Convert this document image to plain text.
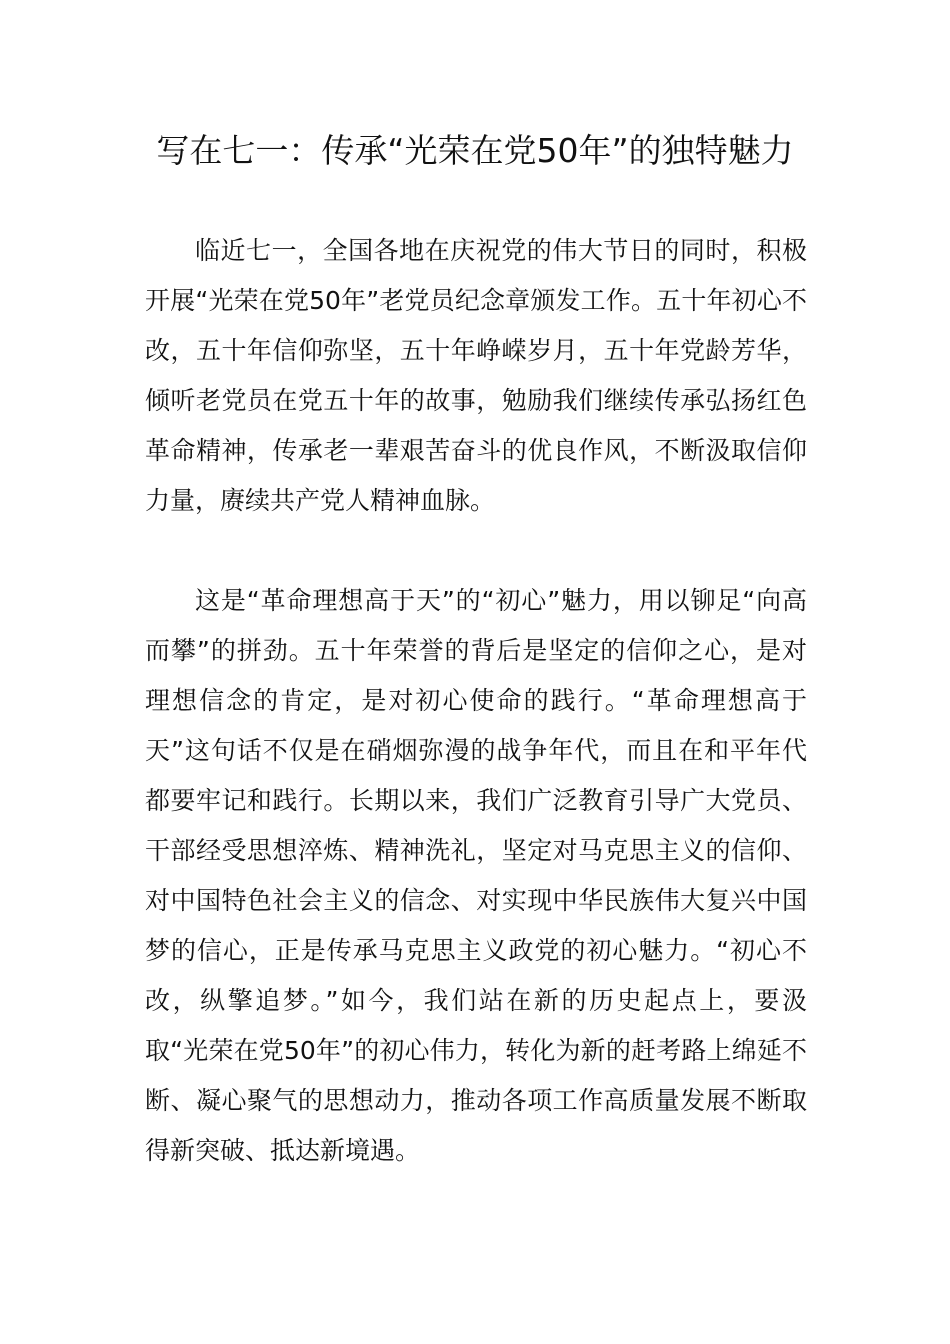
写在七一：传承“光荣在党50年”的独特魅力

临近七一，全国各地在庆祝党的伟大节日的同时，积极开展“光荣在党50年”老党员纪念章颁发工作。五十年初心不改，五十年信仰弥坚，五十年峥嵘岁月，五十年党龄芳华，倾听老党员在党五十年的故事，勉励我们继续传承弘扬红色革命精神，传承老一辈艰苦奋斗的优良作风，不断汲取信仰力量，赓续共产党人精神血脉。

这是“革命理想高于天”的“初心”魅力，用以铆足“向高而攀”的拼劲。五十年荣誉的背后是坚定的信仰之心，是对理想信念的肯定，是对初心使命的践行。“革命理想高于天”这句话不仅是在硝烟弥漫的战争年代，而且在和平年代都要牢记和践行。长期以来，我们广泛教育引导广大党员、干部经受思想淬炼、精神洗礼，坚定对马克思主义的信仰、对中国特色社会主义的信念、对实现中华民族伟大复兴中国梦的信心，正是传承马克思主义政党的初心魅力。“初心不改，纵擎追梦。”如今，我们站在新的历史起点上，要汲取“光荣在党50年”的初心伟力，转化为新的赶考路上绵延不断、凝心聚气的思想动力，推动各项工作高质量发展不断取得新突破、抵达新境遇。
